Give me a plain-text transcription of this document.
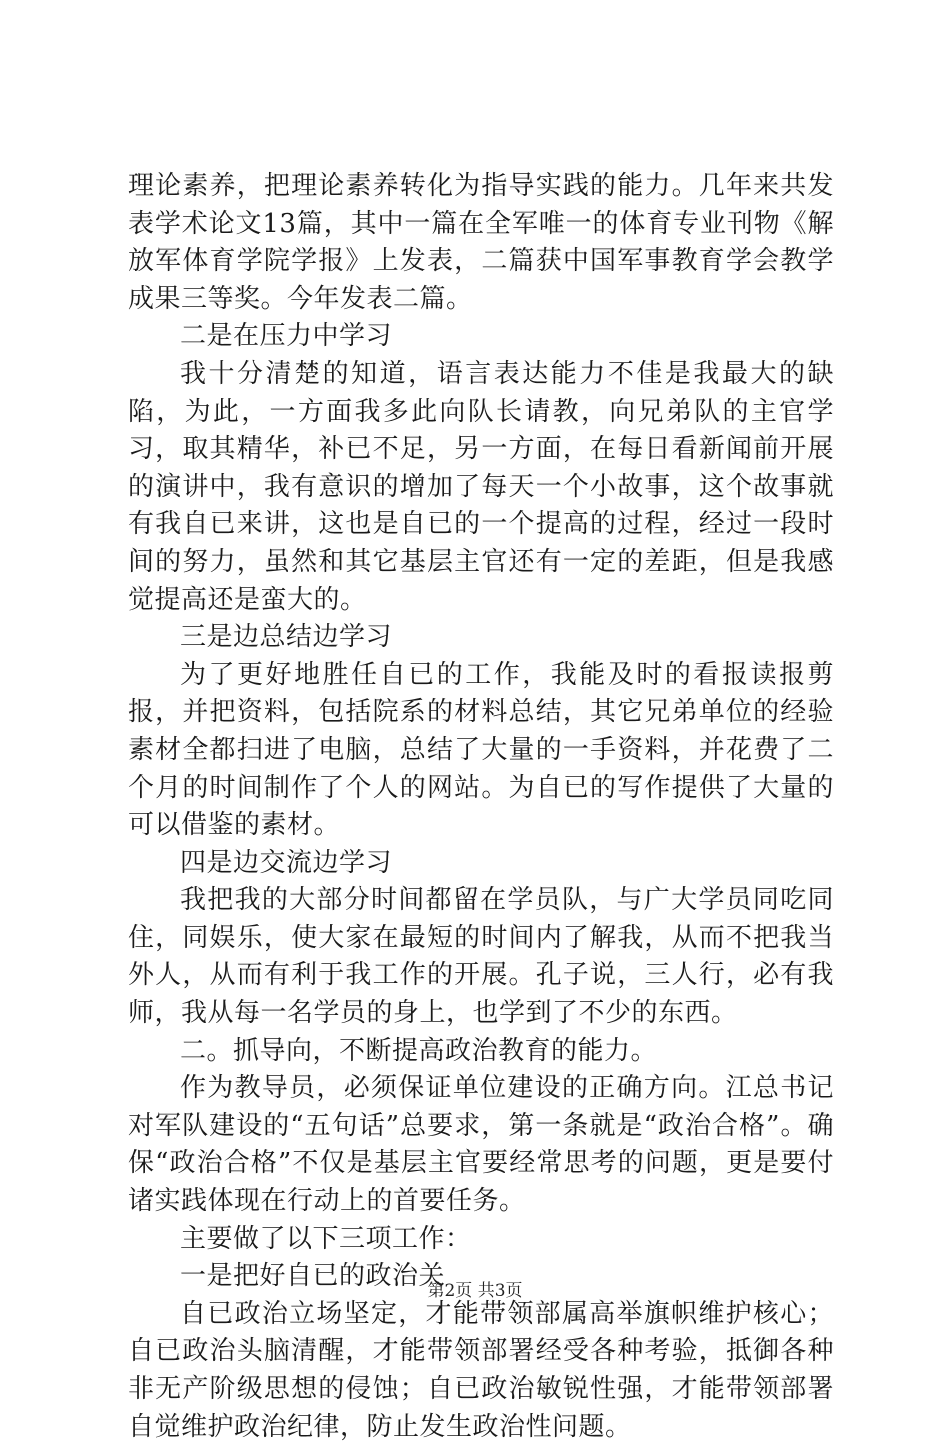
理论素养，把理论素养转化为指导实践的能力。几年来共发表学术论文13篇，其中一篇在全军唯一的体育专业刊物《解放军体育学院学报》上发表，二篇获中国军事教育学会教学成果三等奖。今年发表二篇。

二是在压力中学习

我十分清楚的知道，语言表达能力不佳是我最大的缺陷，为此，一方面我多此向队长请教，向兄弟队的主官学习，取其精华，补已不足，另一方面，在每日看新闻前开展的演讲中，我有意识的增加了每天一个小故事，这个故事就有我自已来讲，这也是自已的一个提高的过程，经过一段时间的努力，虽然和其它基层主官还有一定的差距，但是我感觉提高还是蛮大的。

三是边总结边学习

为了更好地胜任自已的工作，我能及时的看报读报剪报，并把资料，包括院系的材料总结，其它兄弟单位的经验素材全都扫进了电脑，总结了大量的一手资料，并花费了二个月的时间制作了个人的网站。为自已的写作提供了大量的可以借鉴的素材。

四是边交流边学习

我把我的大部分时间都留在学员队，与广大学员同吃同住，同娱乐，使大家在最短的时间内了解我，从而不把我当外人，从而有利于我工作的开展。孔子说，三人行，必有我师，我从每一名学员的身上，也学到了不少的东西。

二。抓导向，不断提高政治教育的能力。

作为教导员，必须保证单位建设的正确方向。江总书记对军队建设的“五句话”总要求，第一条就是“政治合格”。确保“政治合格”不仅是基层主官要经常思考的问题，更是要付诸实践体现在行动上的首要任务。

主要做了以下三项工作：

一是把好自已的政治关

自已政治立场坚定，才能带领部属高举旗帜维护核心；自已政治头脑清醒，才能带领部署经受各种考验，抵御各种非无产阶级思想的侵蚀；自已政治敏锐性强，才能带领部署自觉维护政治纪律，防止发生政治性问题。

第2页 共3页
